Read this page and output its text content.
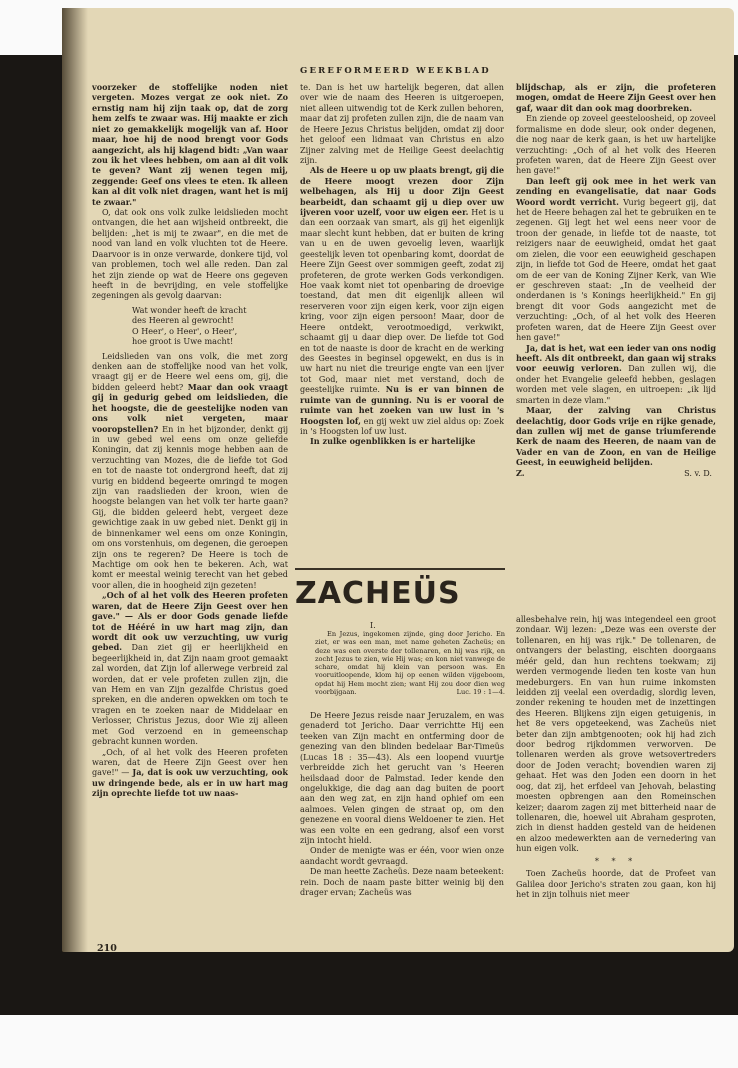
GEREFORMEERD WEEKBLAD

voorzeker de stoffelijke noden niet vergeten. Mozes vergat ze ook niet. Zo ernstig nam hij zijn taak op, dat de zorg hem zelfs te zwaar was. Hij maakte er zich niet zo gemakkelijk mogelijk van af. Hoor maar, hoe hij de nood brengt voor Gods aangezicht, als hij klagend bidt: „Van waar zou ik het vlees hebben, om aan al dit volk te geven? Want zij wenen tegen mij, zeggende: Geef ons vlees te eten. Ik alleen kan al dit volk niet dragen, want het is mij te zwaar."

O, dat ook ons volk zulke leidslieden mocht ontvangen, die het aan wijsheid ontbreekt, die belijden: „het is mij te zwaar", en die met de nood van land en volk vluchten tot de Heere. Daarvoor is in onze verwarde, donkere tijd, vol van problemen, toch wel alle reden. Dan zal het zijn ziende op wat de Heere ons gegeven heeft in de bevrijding, en vele stoffelijke zegeningen als gevolg daarvan:

Wat wonder heeft de kracht
des Heeren al gewrocht!
O Heer', o Heer', o Heer',
hoe groot is Uwe macht!

Leidslieden van ons volk, die met zorg denken aan de stoffelijke nood van het volk, vraagt gij er de Heere wel eens om, gij, die bidden geleerd hebt? Maar dan ook vraagt gij in gedurig gebed om leidslieden, die het hoogste, die de geestelijke noden van ons volk niet vergeten, maar vooropstellen? En in het bijzonder, denkt gij in uw gebed wel eens om onze geliefde Koningin, dat zij kennis moge hebben aan de verzuchting van Mozes, die de liefde tot God en tot de naaste tot ondergrond heeft, dat zij vurig en biddend begeerte omringd te mogen zijn van raadslieden der kroon, wien de hoogste belangen van het volk ter harte gaan? Gij, die bidden geleerd hebt, vergeet deze gewichtige zaak in uw gebed niet. Denkt gij in de binnenkamer wel eens om onze Koningin, om ons vorstenhuis, om degenen, die geroepen zijn ons te regeren? De Heere is toch de Machtige om ook hen te bekeren. Ach, wat komt er meestal weinig terecht van het gebed voor allen, die in hoogheid zijn gezeten!

„Och of al het volk des Heeren profeten waren, dat de Heere Zijn Geest over hen gave." — Als er door Gods genade liefde tot de Hééré in uw hart mag zijn, dan wordt dit ook uw verzuchting, uw vurig gebed. Dan ziet gij er heerlijkheid en begeerlijkheid in, dat Zijn naam groot gemaakt zal worden, dat Zijn lof allerwege verbreid zal worden, dat er vele profeten zullen zijn, die van Hem en van Zijn gezalfde Christus goed spreken, en die anderen opwekken om toch te vragen en te zoeken naar de Middelaar en Verlosser, Christus Jezus, door Wie zij alleen met God verzoend en in gemeenschap gebracht kunnen worden.

„Och, of al het volk des Heeren profeten waren, dat de Heere Zijn Geest over hen gave!" — Ja, dat is ook uw verzuchting, ook uw dringende bede, als er in uw hart mag zijn oprechte liefde tot uw naas-

te. Dan is het uw hartelijk begeren, dat allen over wie de naam des Heeren is uitgeroepen, niet alleen uitwendig tot de Kerk zullen behoren, maar dat zij profeten zullen zijn, die de naam van de Heere Jezus Christus belijden, omdat zij door het geloof een lidmaat van Christus en alzo Zijner zalving met de Heilige Geest deelachtig zijn.

Als de Heere u op uw plaats brengt, gij die de Heere moogt vrezen door Zijn welbehagen, als Hij u door Zijn Geest bearbeidt, dan schaamt gij u diep over uw ijveren voor uzelf, voor uw eigen eer. Het is u dan een oorzaak van smart, als gij het eigenlijk maar slecht kunt hebben, dat er buiten de kring van u en de uwen gevoelig leven, waarlijk geestelijk leven tot openbaring komt, doordat de Heere Zijn Geest over sommigen geeft, zodat zij profeteren, de grote werken Gods verkondigen. Hoe vaak komt niet tot openbaring de droevige toestand, dat men dit eigenlijk alleen wil reserveren voor zijn eigen kerk, voor zijn eigen kring, voor zijn eigen persoon! Maar, door de Heere ontdekt, verootmoedigd, verkwikt, schaamt gij u daar diep over. De liefde tot God en tot de naaste is door de kracht en de werking des Geestes in beginsel opgewekt, en dus is in uw hart nu niet die treurige engte van een ijver tot God, maar niet met verstand, doch de geestelijke ruimte. Nu is er van binnen de ruimte van de gunning. Nu is er vooral de ruimte van het zoeken van uw lust in 's Hoogsten lof, en gij wekt uw ziel aldus op: Zoek in 's Hoogsten lof uw lust.

In zulke ogenblikken is er hartelijke

blijdschap, als er zijn, die profeteren mogen, omdat de Heere Zijn Geest over hen gaf, waar dit dan ook mag doorbreken.

En ziende op zoveel geesteloosheid, op zoveel formalisme en dode sleur, ook onder degenen, die nog naar de kerk gaan, is het uw hartelijke verzuchting: „Och of al het volk des Heeren profeten waren, dat de Heere Zijn Geest over hen gave!"

Dan leeft gij ook mee in het werk van zending en evangelisatie, dat naar Gods Woord wordt verricht. Vurig begeert gij, dat het de Heere behagen zal het te gebruiken en te zegenen. Gij legt het wel eens neer voor de troon der genade, in liefde tot de naaste, tot reizigers naar de eeuwigheid, omdat het gaat om zielen, die voor een eeuwigheid geschapen zijn, in liefde tot God de Heere, omdat het gaat om de eer van de Koning Zijner Kerk, van Wie er geschreven staat: „In de veelheid der onderdanen is 's Konings heerlijkheid." En gij brengt dit voor Gods aangezicht met de verzuchting: „Och, of al het volk des Heeren profeten waren, dat de Heere Zijn Geest over hen gave!"

Ja, dat is het, wat een ieder van ons nodig heeft. Als dit ontbreekt, dan gaan wij straks voor eeuwig verloren. Dan zullen wij, die onder het Evangelie geleefd hebben, geslagen worden met vele slagen, en uitroepen: „ik lijd smarten in deze vlam."

Maar, der zalving van Christus deelachtig, door Gods vrije en rijke genade, dan zullen wij met de ganse triumferende Kerk de naam des Heeren, de naam van de Vader en van de Zoon, en van de Heilige Geest, in eeuwigheid belijden.

Z.	S. v. D.
ZACHEÜS
I.

En Jezus, ingekomen zijnde, ging door Jericho. En ziet, er was een man, met name geheten Zacheüs; en deze was een overste der tollenaren, en hij was rijk, en zocht Jezus te zien, wie Hij was; en kon niet vanwege de schare, omdat hij klein van persoon was. En vooruitloopende, klom hij op eenen wilden vijgeboom, opdat hij Hem mocht zien; want Hij zou door dien weg voorbijgaan.	Luc. 19 : 1—4.

De Heere Jezus reisde naar Jeruzalem, en was genaderd tot Jericho. Daar verrichtte Hij een teeken van Zijn macht en ontferming door de genezing van den blinden bedelaar Bar-Timeüs (Lucas 18 : 35—43). Als een loopend vuurtje verbreidde zich het gerucht van 's Heeren heilsdaad door de Palmstad. Ieder kende den ongelukkige, die dag aan dag buiten de poort aan den weg zat, en zijn hand ophief om een aalmoes. Velen gingen de straat op, om den genezene en vooral diens Weldoener te zien. Het was een volte en een gedrang, alsof een vorst zijn intocht hield.

Onder de menigte was er één, voor wien onze aandacht wordt gevraagd.

De man heette Zacheüs. Deze naam beteekent: rein. Doch de naam paste bitter weinig bij den drager ervan; Zacheüs was

allesbehalve rein, hij was integendeel een groot zondaar. Wij lezen: „Deze was een overste der tollenaren, en hij was rijk." De tollenaren, de ontvangers der belasting, eischten doorgaans méér geld, dan hun rechtens toekwam; zij werden vermogende lieden ten koste van hun medeburgers. En van hun ruime inkomsten leidden zij veelal een overdadig, slordig leven, zonder rekening te houden met de inzettingen des Heeren. Blijkens zijn eigen getuigenis, in het 8e vers opgeteekend, was Zacheüs niet beter dan zijn ambtgenooten; ook hij had zich door bedrog rijkdommen verworven. De tollenaren werden als grove wetsovertreders door de Joden veracht; bovendien waren zij gehaat. Het was den Joden een doorn in het oog, dat zij, het erfdeel van Jehovah, belasting moesten opbrengen aan den Romeinschen keizer; daarom zagen zij met bitterheid naar de tollenaren, die, hoewel uit Abraham gesproten, zich in dienst hadden gesteld van de heidenen en alzoo medewerkten aan de vernedering van hun eigen volk.

* * *

Toen Zacheüs hoorde, dat de Profeet van Galilea door Jericho's straten zou gaan, kon hij het in zijn tolhuis niet meer

210
